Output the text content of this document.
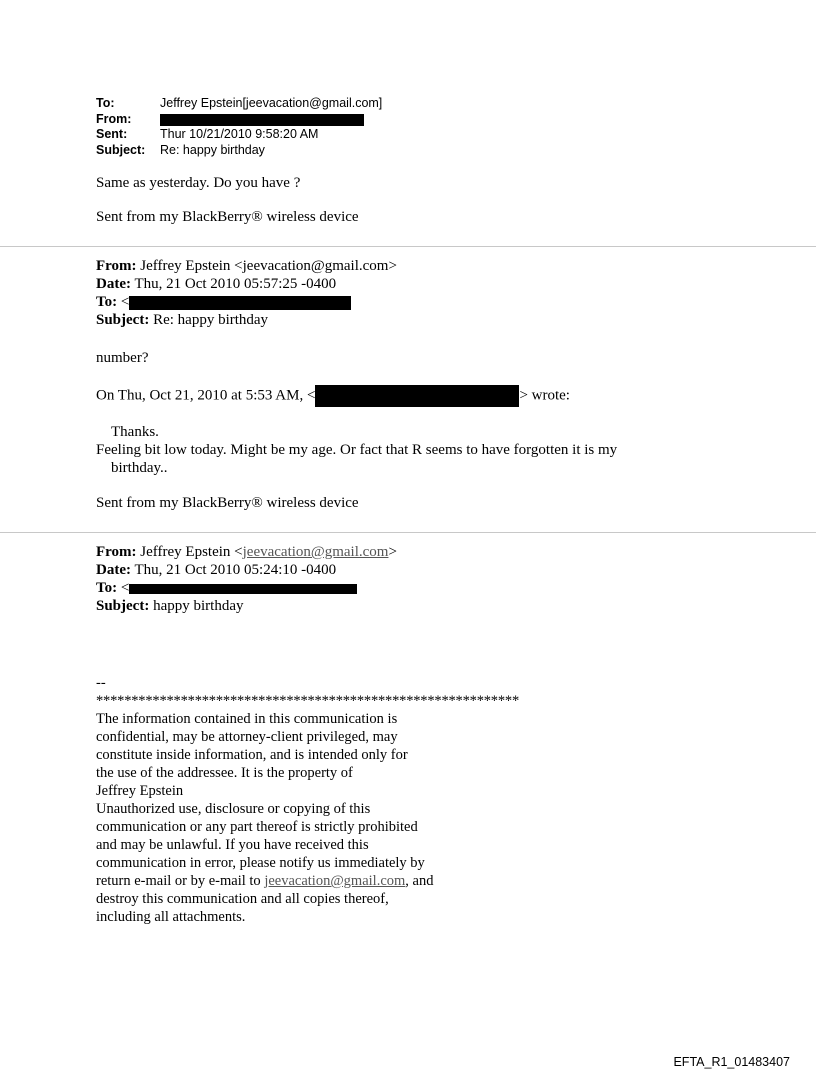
To:	Jeffrey Epstein[jeevacation@gmail.com]
From:
Sent:	Thur 10/21/2010 9:58:20 AM
Subject:	Re: happy birthday
Same as yesterday. Do you have ?
Sent from my BlackBerry® wireless device
From: Jeffrey Epstein <jeevacation@gmail.com>
Date: Thu, 21 Oct 2010 05:57:25 -0400
To: <
Subject: Re: happy birthday
number?
On Thu, Oct 21, 2010 at 5:53 AM, <	> wrote:
Thanks.
Feeling bit low today. Might be my age. Or fact that R seems to have forgotten it is my
birthday..
Sent from my BlackBerry® wireless device
From: Jeffrey Epstein <jeevacation@gmail.com>
Date: Thu, 21 Oct 2010 05:24:10 -0400
To: <
Subject: happy birthday
--
************************************************************
The information contained in this communication is
confidential, may be attorney-client privileged, may
constitute inside information, and is intended only for
the use of the addressee. It is the property of
Jeffrey Epstein
Unauthorized use, disclosure or copying of this
communication or any part thereof is strictly prohibited
and may be unlawful. If you have received this
communication in error, please notify us immediately by
return e-mail or by e-mail to jeevacation@gmail.com, and
destroy this communication and all copies thereof,
including all attachments.
EFTA_R1_01483407
